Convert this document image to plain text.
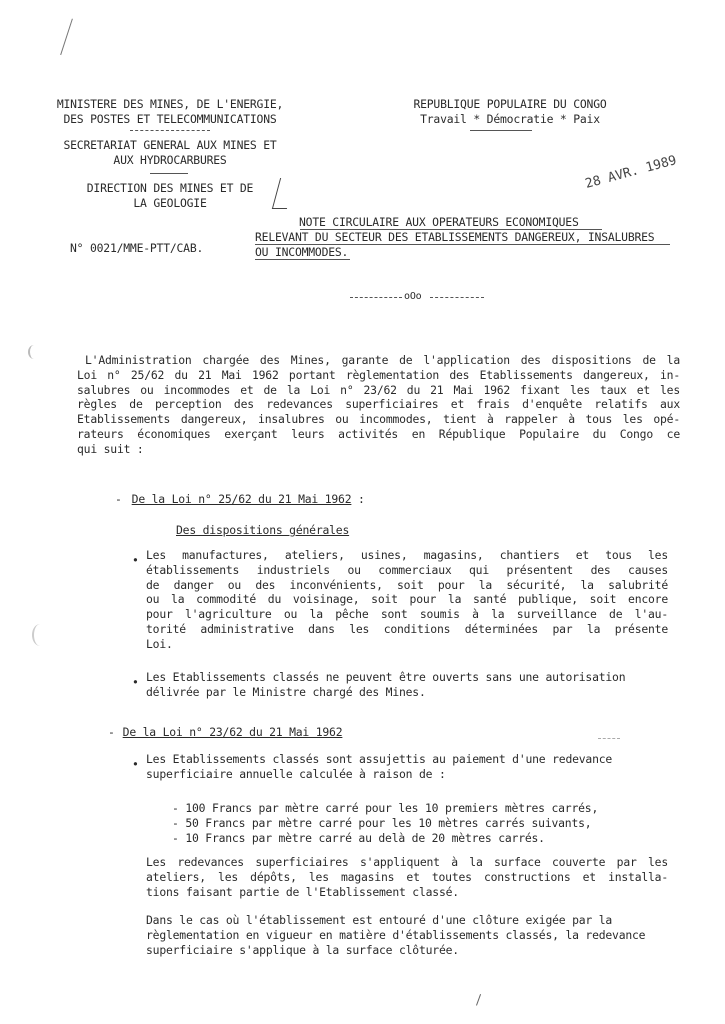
MINISTERE DES MINES, DE L'ENERGIE,
DES POSTES ET TELECOMMUNICATIONS
SECRETARIAT GENERAL AUX MINES ET
AUX HYDROCARBURES
DIRECTION DES MINES ET DE
LA GEOLOGIE
N° 0021/MME-PTT/CAB.
REPUBLIQUE POPULAIRE DU CONGO
Travail * Démocratie * Paix
28 AVR. 1989
NOTE CIRCULAIRE AUX OPERATEURS ECONOMIQUES
RELEVANT DU SECTEUR DES ETABLISSEMENTS DANGEREUX, INSALUBRES
OU INCOMMODES.
oOo
L'Administration chargée des Mines, garante de l'application des dispositions de la
Loi n° 25/62 du 21 Mai 1962 portant règlementation des Etablissements dangereux, in-
salubres ou incommodes et de la Loi n° 23/62 du 21 Mai 1962 fixant les taux et les
règles de perception des redevances superficiaires et frais d'enquête relatifs aux
Etablissements dangereux, insalubres ou incommodes, tient à rappeler à tous les opé-
rateurs économiques exerçant leurs activités en République Populaire du Congo ce
qui suit :
- De la Loi n° 25/62 du 21 Mai 1962 :
Des dispositions générales
• Les manufactures, ateliers, usines, magasins, chantiers et tous les
établissements industriels ou commerciaux qui présentent des causes
de danger ou des inconvénients, soit pour la sécurité, la salubrité
ou la commodité du voisinage, soit pour la santé publique, soit encore
pour l'agriculture ou la pêche sont soumis à la surveillance de l'au-
torité administrative dans les conditions déterminées par la présente
Loi.
• Les Etablissements classés ne peuvent être ouverts sans une autorisation
délivrée par le Ministre chargé des Mines.
- De la Loi n° 23/62 du 21 Mai 1962
• Les Etablissements classés sont assujettis au paiement d'une redevance
superficiaire annuelle calculée à raison de :
- 100 Francs par mètre carré pour les 10 premiers mètres carrés,
- 50 Francs par mètre carré pour les 10 mètres carrés suivants,
- 10 Francs par mètre carré au delà de 20 mètres carrés.
Les redevances superficiaires s'appliquent à la surface couverte par les
ateliers, les dépôts, les magasins et toutes constructions et installa-
tions faisant partie de l'Etablissement classé.
Dans le cas où l'établissement est entouré d'une clôture exigée par la
règlementation en vigueur en matière d'établissements classés, la redevance
superficiaire s'applique à la surface clôturée.
